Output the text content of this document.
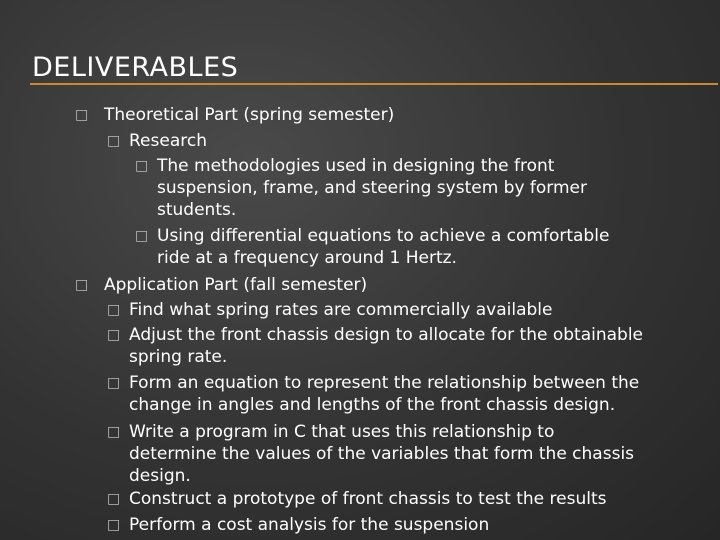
DELIVERABLES
□ Theoretical Part (spring semester)
□ Research
□ The methodologies used in designing the front
suspension, frame, and steering system by former
students.
□ Using differential equations to achieve a comfortable
ride at a frequency around 1 Hertz.
□ Application Part (fall semester)
□ Find what spring rates are commercially available
□ Adjust the front chassis design to allocate for the obtainable
spring rate.
□ Form an equation to represent the relationship between the
change in angles and lengths of the front chassis design.
□ Write a program in C that uses this relationship to
determine the values of the variables that form the chassis
design.
□ Construct a prototype of front chassis to test the results
□ Perform a cost analysis for the suspension
